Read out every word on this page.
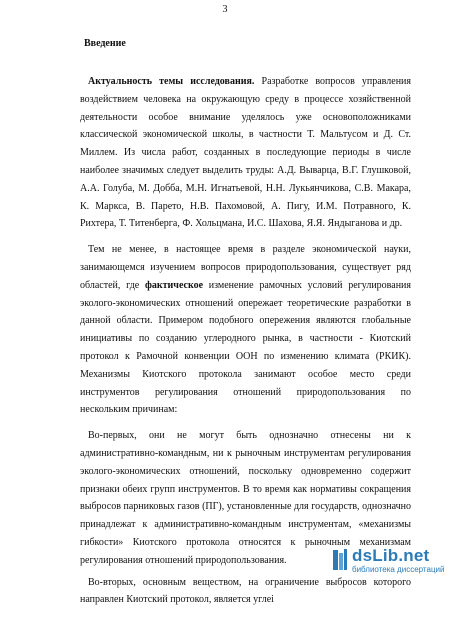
3
Введение

Актуальность темы исследования. Разработке вопросов управления воздействием человека на окружающую среду в процессе хозяйственной деятельности особое внимание уделялось уже основоположниками классической экономической школы, в частности Т. Мальтусом и Д. Ст. Миллем. Из числа работ, созданных в последующие периоды в числе наиболее значимых следует выделить труды: А.Д. Выварца, В.Г. Глушковой, А.А. Голуба, М. Добба, М.Н. Игнатьевой, Н.Н. Лукьянчикова, С.В. Макара, К. Маркса, В. Парето, Н.В. Пахомовой, А. Пигу, И.М. Потравного, К. Рихтера, Т. Титенберга, Ф. Хольцмана, И.С. Шахова, Я.Я. Яндыганова и др.

Тем не менее, в настоящее время в разделе экономической науки, занимающемся изучением вопросов природопользования, существует ряд областей, где фактическое изменение рамочных условий регулирования эколого-экономических отношений опережает теоретические разработки в данной области. Примером подобного опережения являются глобальные инициативы по созданию углеродного рынка, в частности - Киотский протокол к Рамочной конвенции ООН по изменению климата (РКИК). Механизмы Киотского протокола занимают особое место среди инструментов регулирования отношений природопользования по нескольким причинам:

Во-первых, они не могут быть однозначно отнесены ни к административно-командным, ни к рыночным инструментам регулирования эколого-экономических отношений, поскольку одновременно содержит признаки обеих групп инструментов. В то время как нормативы сокращения выбросов парниковых газов (ПГ), установленные для государств, однозначно принадлежат к административно-командным инструментам, «механизмы гибкости» Киотского протокола относятся к рыночным механизмам регулирования отношений природопользования.

Во-вторых, основным веществом, на ограничение выбросов которого направлен Киотский протокол, является углеі

dsLib.net
библиотека диссертаций
